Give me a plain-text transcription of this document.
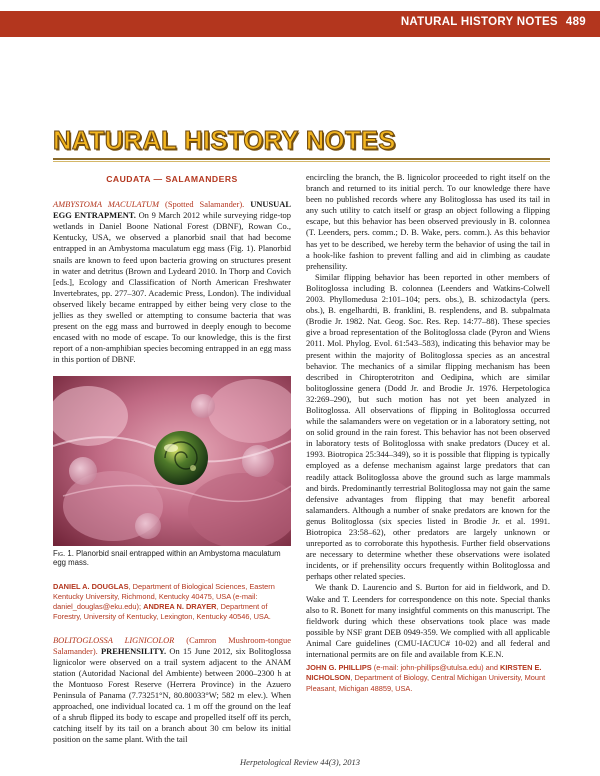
NATURAL HISTORY NOTES 489
NATURAL HISTORY NOTES
CAUDATA — SALAMANDERS

AMBYSTOMA MACULATUM (Spotted Salamander). UNUSUAL EGG ENTRAPMENT. On 9 March 2012 while surveying ridge-top wetlands in Daniel Boone National Forest (DBNF), Rowan Co., Kentucky, USA, we observed a planorbid snail that had become entrapped in an Ambystoma maculatum egg mass (Fig. 1). Planorbid snails are known to feed upon bacteria growing on structures present in water and detritus (Brown and Lydeard 2010. In Thorp and Covich [eds.], Ecology and Classification of North American Freshwater Invertebrates, pp. 277–307. Academic Press, London). The individual observed likely became entrapped by either being very close to the jellies as they swelled or attempting to consume bacteria that was present on the egg mass and burrowed in deeply enough to become encased with no mode of escape. To our knowledge, this is the first report of a non-amphibian species becoming entrapped in an egg mass in this portion of DBNF.

Fig. 1. Planorbid snail entrapped within an Ambystoma maculatum egg mass.
DANIEL A. DOUGLAS, Department of Biological Sciences, Eastern Kentucky University, Richmond, Kentucky 40475, USA (e-mail: daniel_douglas@eku.edu); ANDREA N. DRAYER, Department of Forestry, University of Kentucky, Lexington, Kentucky 40546, USA.

BOLITOGLOSSA LIGNICOLOR (Camron Mushroom-tongue Salamander). PREHENSILITY. On 15 June 2012, six Bolitoglossa lignicolor were observed on a trail system adjacent to the ANAM station (Autoridad Nacional del Ambiente) between 2000–2300 h at the Montuoso Forest Reserve (Herrera Province) in the Azuero Peninsula of Panama (7.73251°N, 80.80033°W; 582 m elev.). When approached, one individual located ca. 1 m off the ground on the leaf of a shrub flipped its body to escape and propelled itself off its perch, catching itself by its tail on a branch about 30 cm below its initial position on the same plant. With the tail

encircling the branch, the B. lignicolor proceeded to right itself on the branch and returned to its initial perch. To our knowledge there have been no published records where any Bolitoglossa has used its tail in any such utility to catch itself or grasp an object following a flipping escape, but this behavior has been observed previously in B. colonnea (T. Leenders, pers. comm.; D. B. Wake, pers. comm.). As this behavior has yet to be described, we hereby term the behavior of using the tail in a hook-like fashion to prevent falling and aid in climbing as caudate prehensility.

Similar flipping behavior has been reported in other members of Bolitoglossa including B. colonnea (Leenders and Watkins-Colwell 2003. Phyllomedusa 2:101–104; pers. obs.), B. schizodactyla (pers. obs.), B. engelhardti, B. franklini, B. resplendens, and B. subpalmata (Brodie Jr. 1982. Nat. Geog. Soc. Res. Rep. 14:77–88). These species give a broad representation of the Bolitoglossa clade (Pyron and Wiens 2011. Mol. Phylog. Evol. 61:543–583), indicating this behavior may be present within the majority of Bolitoglossa species as an ancestral behavior. The mechanics of a similar flipping mechanism has been described in Chiropterotriton and Oedipina, which are similar bolitoglossine genera (Dodd Jr. and Brodie Jr. 1976. Herpetologica 32:269–290), but such motion has not yet been analyzed in Bolitoglossa. All observations of flipping in Bolitoglossa occurred while the salamanders were on vegetation or in a laboratory setting, not on solid ground in the rain forest. This behavior has not been observed in laboratory tests of Bolitoglossa with snake predators (Ducey et al. 1993. Biotropica 25:344–349), so it is possible that flipping is typically employed as a defense mechanism against large predators that can readily attack Bolitoglossa above the ground such as large mammals and birds. Predominantly terrestrial Bolitoglossa may not gain the same defensive advantages from flipping that may benefit arboreal salamanders. Although a number of snake predators are known for the genus Bolitoglossa (six species listed in Brodie Jr. et al. 1991. Biotropica 23:58–62), other predators are largely unknown or unreported as to corroborate this hypothesis. Further field observations are necessary to determine whether these observations were isolated incidents, or if prehensility occurs frequently within Bolitoglossa and perhaps other related species.

We thank D. Laurencio and S. Burton for aid in fieldwork, and D. Wake and T. Leenders for correspondence on this note. Special thanks also to R. Bonett for many insightful comments on this manuscript. The fieldwork during which these observations took place was made possible by NSF grant DEB 0949-359. We complied with all applicable Animal Care guidelines (CMU-IACUC# 10-02) and all federal and international permits are on file and available from K.E.N.

JOHN G. PHILLIPS (e-mail: john-phillips@utulsa.edu) and KIRSTEN E. NICHOLSON, Department of Biology, Central Michigan University, Mount Pleasant, Michigan 48859, USA.
Herpetological Review 44(3), 2013
